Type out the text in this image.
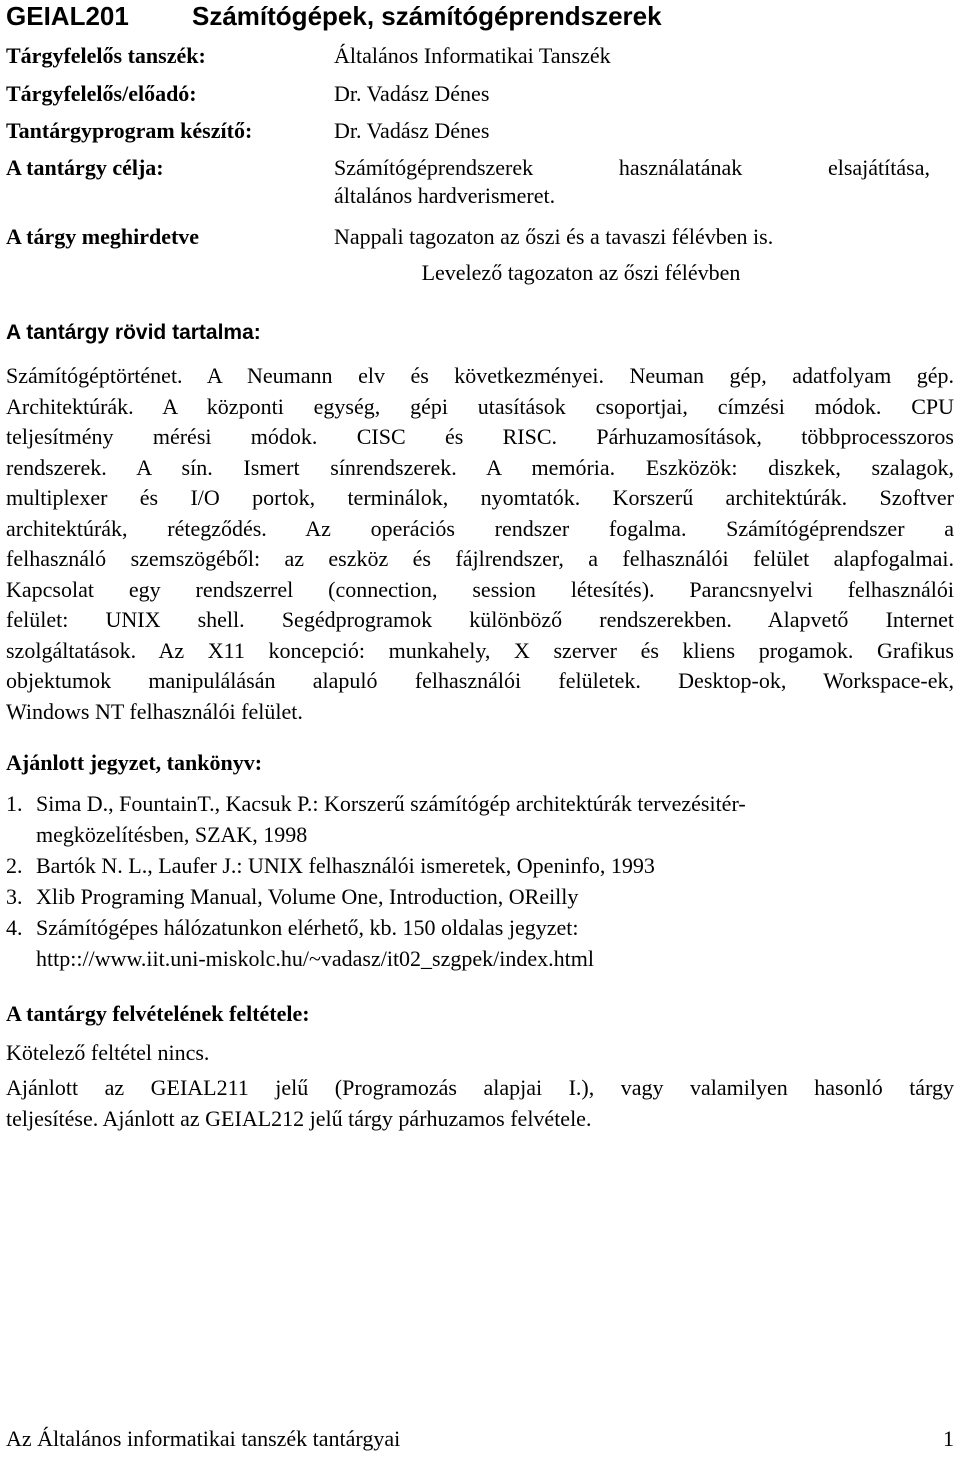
GEIAL201 Számítógépek, számítógéprendszerek
Tárgyfelelős tanszék:	Általános Informatikai Tanszék
Tárgyfelelős/előadó:	Dr. Vadász Dénes
Tantárgyprogram készítő:	Dr. Vadász Dénes
A tantárgy célja:	Számítógéprendszerek használatának elsajátítása,
általános hardverismeret.
A tárgy meghirdetve	Nappali tagozaton az őszi és a tavaszi félévben is.
Levelező tagozaton az őszi félévben
A tantárgy rövid tartalma:
Számítógéptörténet. A Neumann elv és következményei. Neuman gép, adatfolyam gép.
Architektúrák. A központi egység, gépi utasítások csoportjai, címzési módok. CPU
teljesítmény mérési módok. CISC és RISC. Párhuzamosítások, többprocesszoros
rendszerek. A sín. Ismert sínrendszerek. A memória. Eszközök: diszkek, szalagok,
multiplexer és I/O portok, terminálok, nyomtatók. Korszerű architektúrák. Szoftver
architektúrák, rétegződés. Az operációs rendszer fogalma. Számítógéprendszer a
felhasználó szemszögéből: az eszköz és fájlrendszer, a felhasználói felület alapfogalmai.
Kapcsolat egy rendszerrel (connection, session létesítés). Parancsnyelvi felhasználói
felület: UNIX shell. Segédprogramok különböző rendszerekben. Alapvető Internet
szolgáltatások. Az X11 koncepció: munkahely, X szerver és kliens progamok. Grafikus
objektumok manipulálásán alapuló felhasználói felületek. Desktop-ok, Workspace-ek,
Windows NT felhasználói felület.
Ajánlott jegyzet, tankönyv:
1. Sima D., FountainT., Kacsuk P.: Korszerű számítógép architektúrák tervezésitér-
megközelítésben, SZAK, 1998
2. Bartók N. L., Laufer J.: UNIX felhasználói ismeretek, Openinfo, 1993
3. Xlib Programing Manual, Volume One, Introduction, OReilly
4. Számítógépes hálózatunkon elérhető, kb. 150 oldalas jegyzet:
http:://www.iit.uni-miskolc.hu/~vadasz/it02_szgpek/index.html
A tantárgy felvételének feltétele:
Kötelező feltétel nincs.
Ajánlott az GEIAL211 jelű (Programozás alapjai I.), vagy valamilyen hasonló tárgy
teljesítése. Ajánlott az GEIAL212 jelű tárgy párhuzamos felvétele.
Az Általános informatikai tanszék tantárgyai	1
